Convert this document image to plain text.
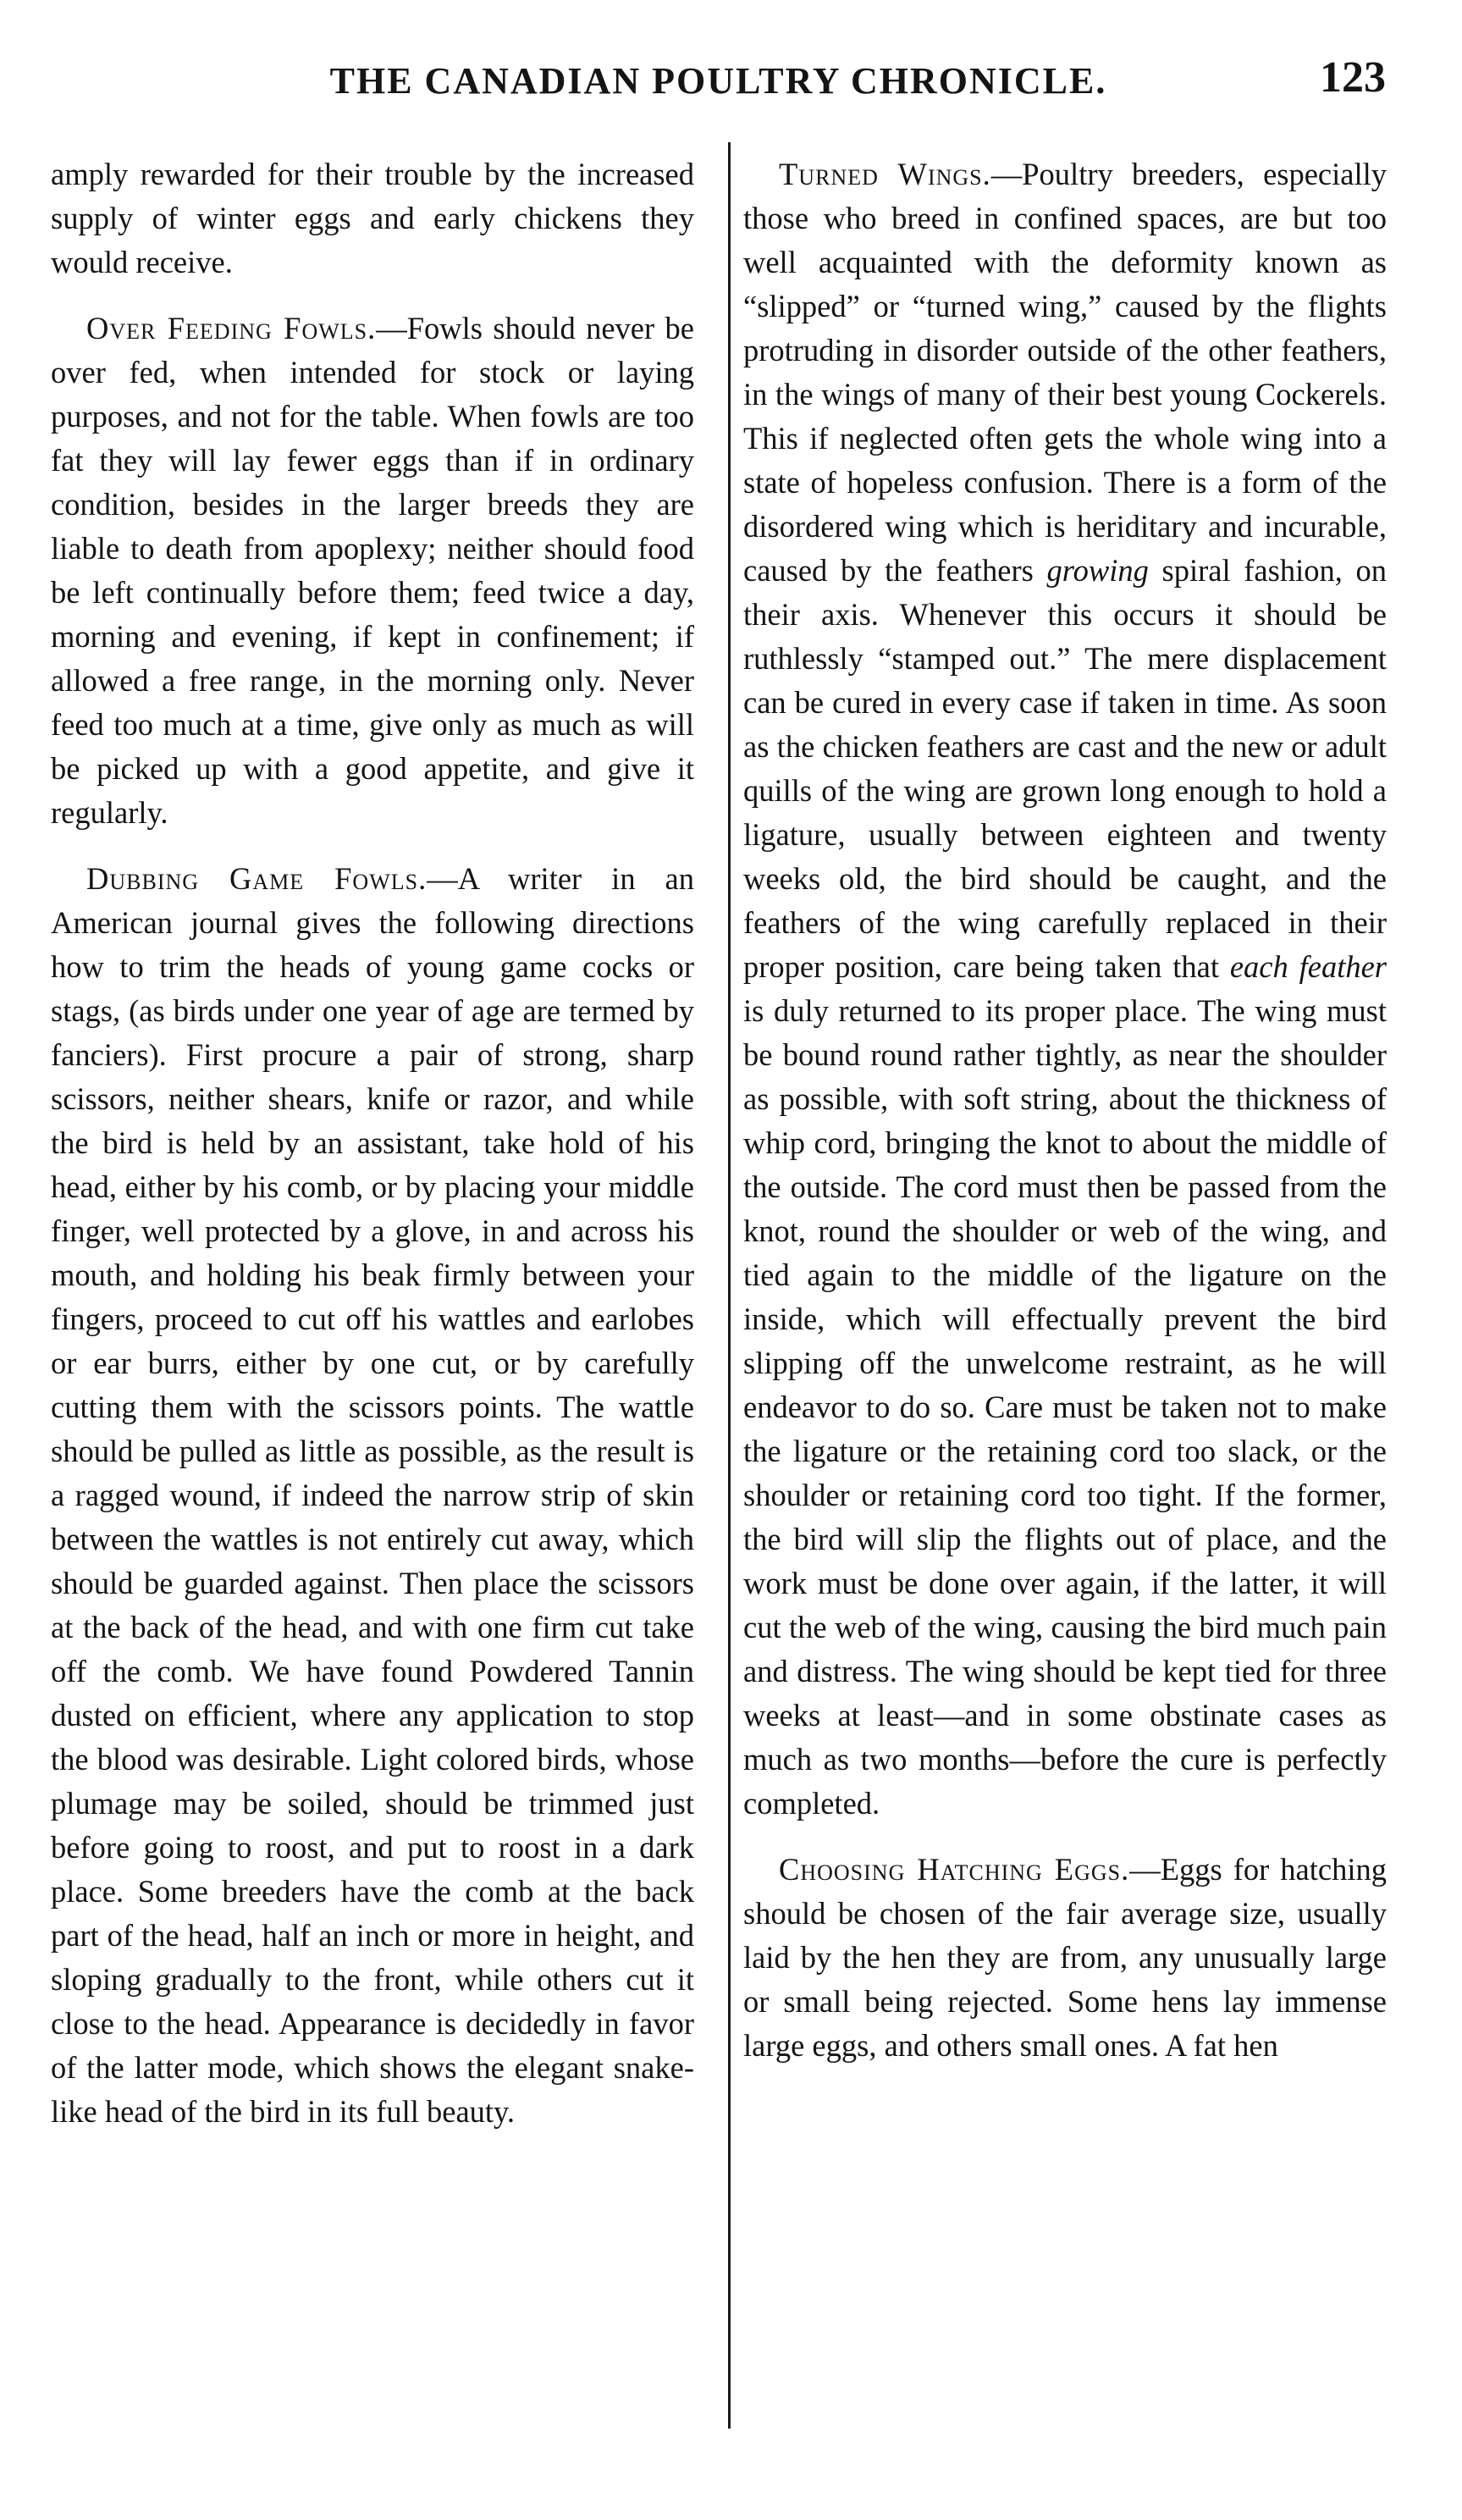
THE CANADIAN POULTRY CHRONICLE.	123

amply rewarded for their trouble by the increased supply of winter eggs and early chickens they would receive.

Over Feeding Fowls.—Fowls should never be over fed, when intended for stock or laying purposes, and not for the table. When fowls are too fat they will lay fewer eggs than if in ordinary condition, besides in the larger breeds they are liable to death from apoplexy; neither should food be left continually before them; feed twice a day, morning and evening, if kept in confinement; if allowed a free range, in the morning only. Never feed too much at a time, give only as much as will be picked up with a good appetite, and give it regularly.

Dubbing Game Fowls.—A writer in an American journal gives the following directions how to trim the heads of young game cocks or stags, (as birds under one year of age are termed by fanciers). First procure a pair of strong, sharp scissors, neither shears, knife or razor, and while the bird is held by an assistant, take hold of his head, either by his comb, or by placing your middle finger, well protected by a glove, in and across his mouth, and holding his beak firmly between your fingers, proceed to cut off his wattles and earlobes or ear burrs, either by one cut, or by carefully cutting them with the scissors points. The wattle should be pulled as little as possible, as the result is a ragged wound, if indeed the narrow strip of skin between the wattles is not entirely cut away, which should be guarded against. Then place the scissors at the back of the head, and with one firm cut take off the comb. We have found Powdered Tannin dusted on efficient, where any application to stop the blood was desirable. Light colored birds, whose plumage may be soiled, should be trimmed just before going to roost, and put to roost in a dark place. Some breeders have the comb at the back part of the head, half an inch or more in height, and sloping gradually to the front, while others cut it close to the head. Appearance is decidedly in favor of the latter mode, which shows the elegant snake-like head of the bird in its full beauty.

Turned Wings.—Poultry breeders, especially those who breed in confined spaces, are but too well acquainted with the deformity known as “slipped” or “turned wing,” caused by the flights protruding in disorder outside of the other feathers, in the wings of many of their best young Cockerels. This if neglected often gets the whole wing into a state of hopeless confusion. There is a form of the disordered wing which is heriditary and incurable, caused by the feathers growing spiral fashion, on their axis. Whenever this occurs it should be ruthlessly “stamped out.” The mere displacement can be cured in every case if taken in time. As soon as the chicken feathers are cast and the new or adult quills of the wing are grown long enough to hold a ligature, usually between eighteen and twenty weeks old, the bird should be caught, and the feathers of the wing carefully replaced in their proper position, care being taken that each feather is duly returned to its proper place. The wing must be bound round rather tightly, as near the shoulder as possible, with soft string, about the thickness of whip cord, bringing the knot to about the middle of the outside. The cord must then be passed from the knot, round the shoulder or web of the wing, and tied again to the middle of the ligature on the inside, which will effectually prevent the bird slipping off the unwelcome restraint, as he will endeavor to do so. Care must be taken not to make the ligature or the retaining cord too slack, or the shoulder or retaining cord too tight. If the former, the bird will slip the flights out of place, and the work must be done over again, if the latter, it will cut the web of the wing, causing the bird much pain and distress. The wing should be kept tied for three weeks at least—and in some obstinate cases as much as two months—before the cure is perfectly completed.

Choosing Hatching Eggs.—Eggs for hatching should be chosen of the fair average size, usually laid by the hen they are from, any unusually large or small being rejected. Some hens lay immense large eggs, and others small ones. A fat hen
